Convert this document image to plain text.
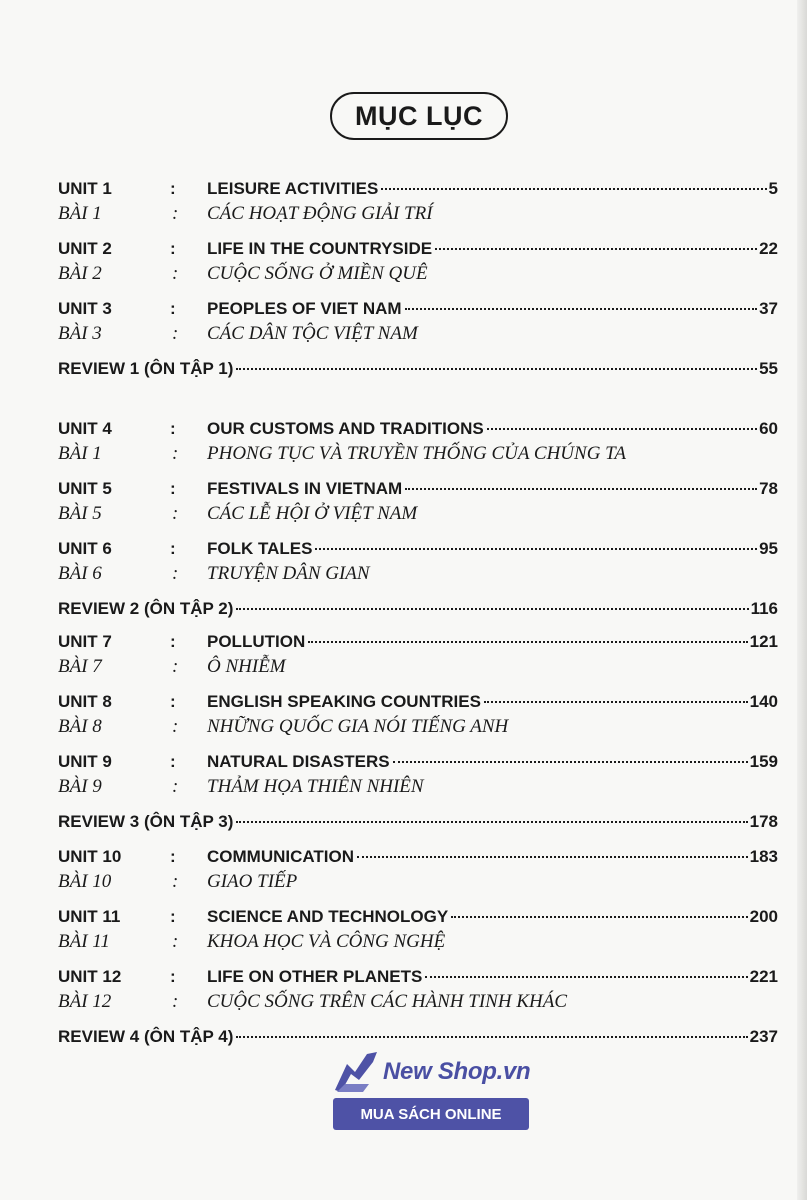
MỤC LỤC
UNIT 1	:	LEISURE ACTIVITIES	5
BÀI 1	:	CÁC HOẠT ĐỘNG GIẢI TRÍ
UNIT 2	:	LIFE IN THE COUNTRYSIDE	22
BÀI 2	:	CUỘC SỐNG Ở MIỀN QUÊ
UNIT 3	:	PEOPLES OF VIET NAM	37
BÀI 3	:	CÁC DÂN TỘC VIỆT NAM
REVIEW 1 (ÔN TẬP 1)	55
UNIT 4	:	OUR CUSTOMS AND TRADITIONS	60
BÀI 1	:	PHONG TỤC VÀ TRUYỀN THỐNG CỦA CHÚNG TA
UNIT 5	:	FESTIVALS IN VIETNAM	78
BÀI 5	:	CÁC LỄ HỘI Ở VIỆT NAM
UNIT 6	:	FOLK TALES	95
BÀI 6	:	TRUYỆN DÂN GIAN
REVIEW 2 (ÔN TẬP 2)	116
UNIT 7	:	POLLUTION	121
BÀI 7	:	Ô NHIỄM
UNIT 8	:	ENGLISH SPEAKING COUNTRIES	140
BÀI 8	:	NHỮNG QUỐC GIA NÓI TIẾNG ANH
UNIT 9	:	NATURAL DISASTERS	159
BÀI 9	:	THẢM HỌA THIÊN NHIÊN
REVIEW 3 (ÔN TẬP 3)	178
UNIT 10	:	COMMUNICATION	183
BÀI 10	:	GIAO TIẾP
UNIT 11	:	SCIENCE AND TECHNOLOGY	200
BÀI 11	:	KHOA HỌC VÀ CÔNG NGHỆ
UNIT 12	:	LIFE ON OTHER PLANETS	221
BÀI 12	:	CUỘC SỐNG TRÊN CÁC HÀNH TINH KHÁC
REVIEW 4 (ÔN TẬP 4)	237
New Shop.vn
MUA SÁCH ONLINE
